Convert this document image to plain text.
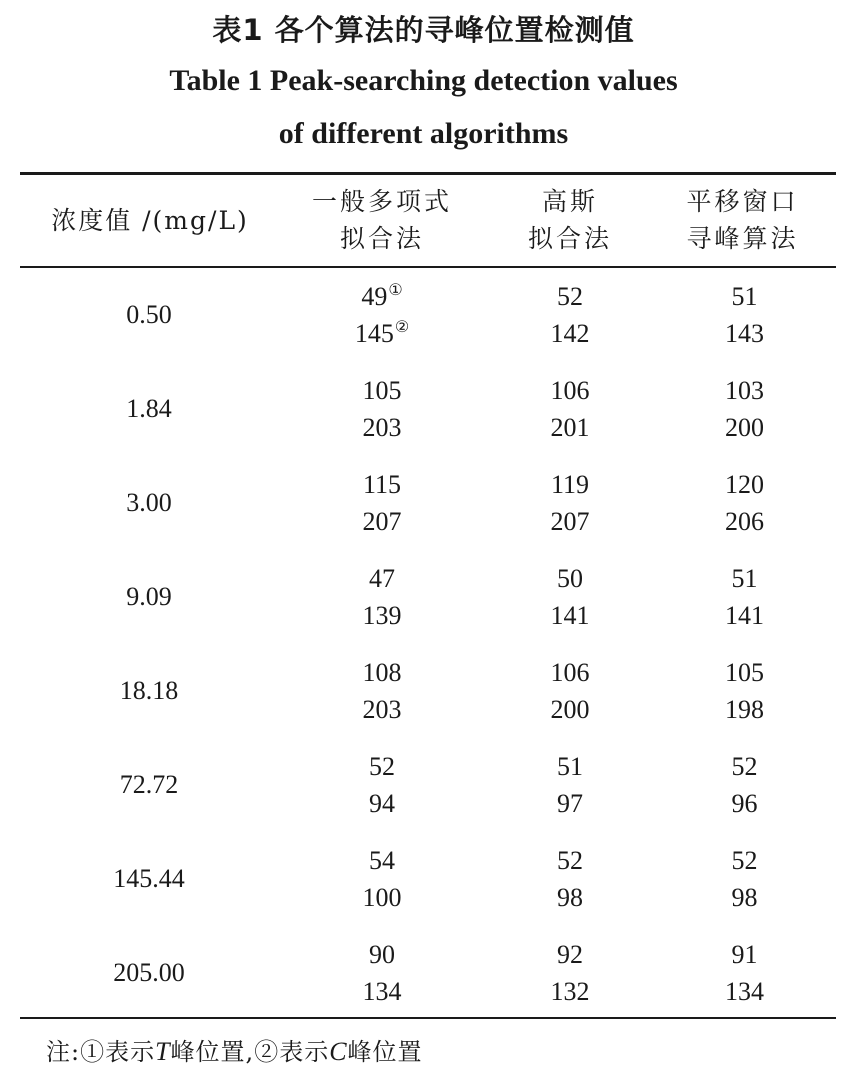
表1 各个算法的寻峰位置检测值
Table 1 Peak-searching detection values
of different algorithms
浓度值 /(mg/L)
一般多项式
拟合法
高斯
拟合法
平移窗口
寻峰算法
0.50
49①
145②
52
142
51
143
1.84
105
203
106
201
103
200
3.00
115
207
119
207
120
206
9.09
47
139
50
141
51
141
18.18
108
203
106
200
105
198
72.72
52
94
51
97
52
96
145.44
54
100
52
98
52
98
205.00
90
134
92
132
91
134
注:①表示T峰位置,②表示C峰位置
